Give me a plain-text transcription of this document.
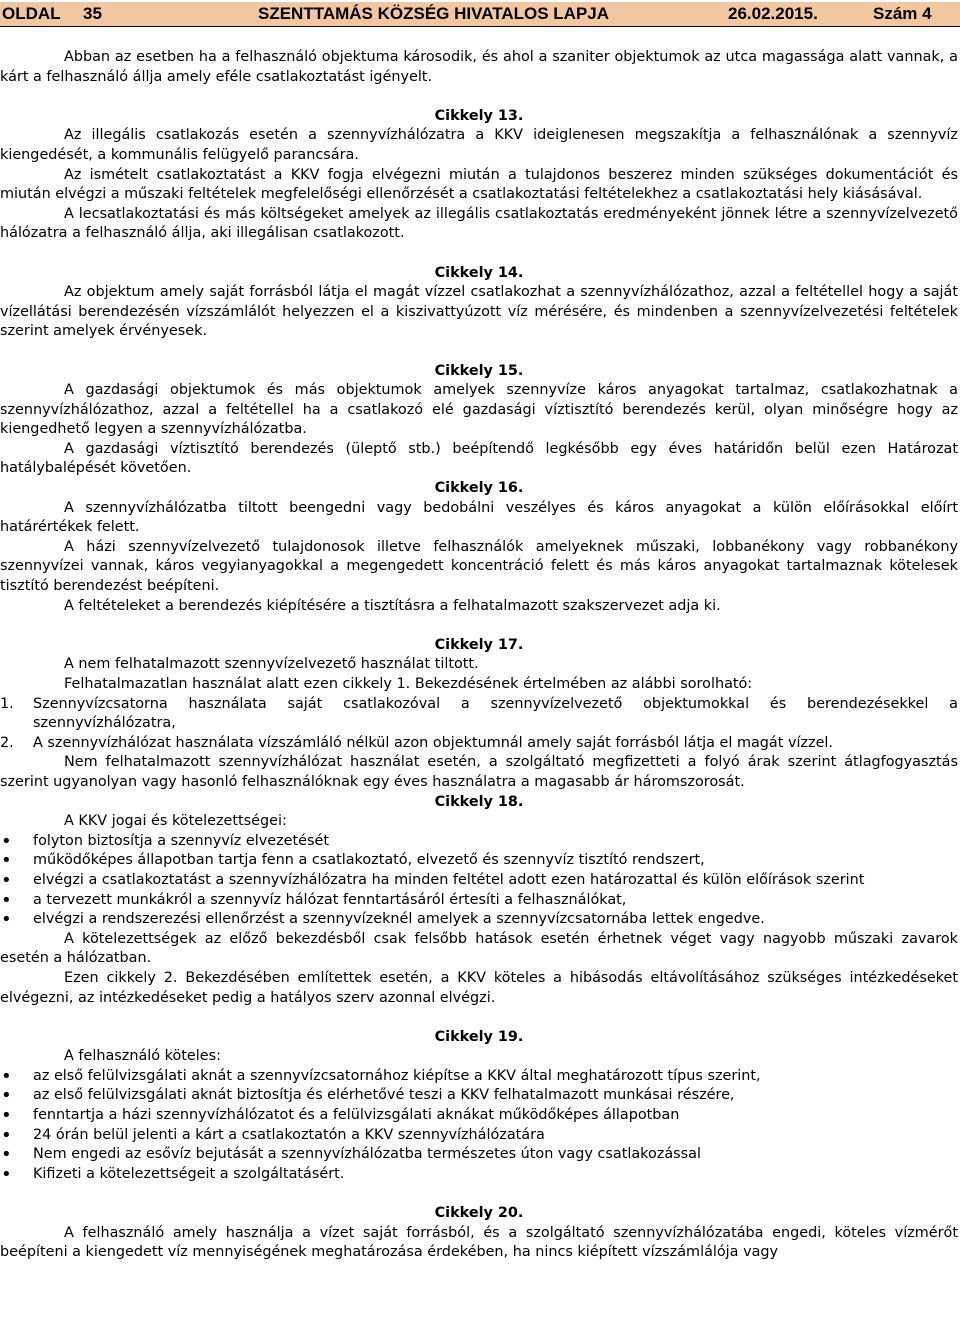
OLDAL 35	SZENTTAMÁS KÖZSÉG HIVATALOS LAPJA	26.02.2015.	Szám 4

Abban az esetben ha a felhasználó objektuma károsodik, és ahol a szaniter objektumok az utca magassága alatt vannak, a kárt a felhasználó állja amely eféle csatlakoztatást igényelt.

Cikkely 13.

Az illegális csatlakozás esetén a szennyvízhálózatra a KKV ideiglenesen megszakítja a felhasználónak a szennyvíz kiengedését, a kommunális felügyelő parancsára.

Az ismételt csatlakoztatást a KKV fogja elvégezni miután a tulajdonos beszerez minden szükséges dokumentációt és miután elvégzi a műszaki feltételek megfelelőségi ellenőrzését a csatlakoztatási feltételekhez a csatlakoztatási hely kiásásával.

A lecsatlakoztatási és más költségeket amelyek az illegális csatlakoztatás eredményeként jönnek létre a szennyvízelvezető hálózatra a felhasználó állja, aki illegálisan csatlakozott.

Cikkely 14.

Az objektum amely saját forrásból látja el magát vízzel csatlakozhat a szennyvízhálózathoz, azzal a feltétellel hogy a saját vízellátási berendezésén vízszámlálót helyezzen el a kiszivattyúzott víz mérésére, és mindenben a szennyvízelvezetési feltételek szerint amelyek érvényesek.

Cikkely 15.

A gazdasági objektumok és más objektumok amelyek szennyvíze káros anyagokat tartalmaz, csatlakozhatnak a szennyvízhálózathoz, azzal a feltétellel ha a csatlakozó elé gazdasági víztisztító berendezés kerül, olyan minőségre hogy az kiengedhető legyen a szennyvízhálózatba.

A gazdasági víztisztító berendezés (üleptő stb.) beépítendő legkésőbb egy éves határidőn belül ezen Határozat hatálybalépését követően.

Cikkely 16.

A szennyvízhálózatba tiltott beengedni vagy bedobálni veszélyes és káros anyagokat a külön előírásokkal előírt határértékek felett.

A házi szennyvízelvezető tulajdonosok illetve felhasználók amelyeknek műszaki, lobbanékony vagy robbanékony szennyvízei vannak, káros vegyianyagokkal a megengedett koncentráció felett és más káros anyagokat tartalmaznak kötelesek tisztító berendezést beépíteni.

A feltételeket a berendezés kiépítésére a tisztításra a felhatalmazott szakszervezet adja ki.

Cikkely 17.

A nem felhatalmazott szennyvízelvezető használat tiltott.

Felhatalmazatlan használat alatt ezen cikkely 1. Bekezdésének értelmében az alábbi sorolható:

1. Szennyvízcsatorna használata saját csatlakozóval a szennyvízelvezető objektumokkal és berendezésekkel a szennyvízhálózatra,
2. A szennyvízhálózat használata vízszámláló nélkül azon objektumnál amely saját forrásból látja el magát vízzel.

Nem felhatalmazott szennyvízhálózat használat esetén, a szolgáltató megfizetteti a folyó árak szerint átlagfogyasztás szerint ugyanolyan vagy hasonló felhasználóknak egy éves használatra a magasabb ár háromszorosát.

Cikkely 18.

A KKV jogai és kötelezettségei:

• folyton biztosítja a szennyvíz elvezetését
• működőképes állapotban tartja fenn a csatlakoztató, elvezető és szennyvíz tisztító rendszert,
• elvégzi a csatlakoztatást a szennyvízhálózatra ha minden feltétel adott ezen határozattal és külön előírások szerint
• a tervezett munkákról a szennyvíz hálózat fenntartásáról értesíti a felhasználókat,
• elvégzi a rendszerezési ellenőrzést a szennyvízeknél amelyek a szennyvízcsatornába lettek engedve.

A kötelezettségek az előző bekezdésből csak felsőbb hatások esetén érhetnek véget vagy nagyobb műszaki zavarok esetén a hálózatban.

Ezen cikkely 2. Bekezdésében említettek esetén, a KKV köteles a hibásodás eltávolításához szükséges intézkedéseket elvégezni, az intézkedéseket pedig a hatályos szerv azonnal elvégzi.

Cikkely 19.

A felhasználó köteles:

• az első felülvizsgálati aknát a szennyvízcsatornához kiépítse a KKV által meghatározott típus szerint,
• az első felülvizsgálati aknát biztosítja és elérhetővé teszi a KKV felhatalmazott munkásai részére,
• fenntartja a házi szennyvízhálózatot és a felülvizsgálati aknákat működőképes állapotban
• 24 órán belül jelenti a kárt a csatlakoztatón a KKV szennyvízhálózatára
• Nem engedi az esővíz bejutását a szennyvízhálózatba természetes úton vagy csatlakozással
• Kifizeti a kötelezettségeit a szolgáltatásért.

Cikkely 20.

A felhasználó amely használja a vízet saját forrásból, és a szolgáltató szennyvízhálózatába engedi, köteles vízmérőt beépíteni a kiengedett víz mennyiségének meghatározása érdekében, ha nincs kiépített vízszámlálója vagy
